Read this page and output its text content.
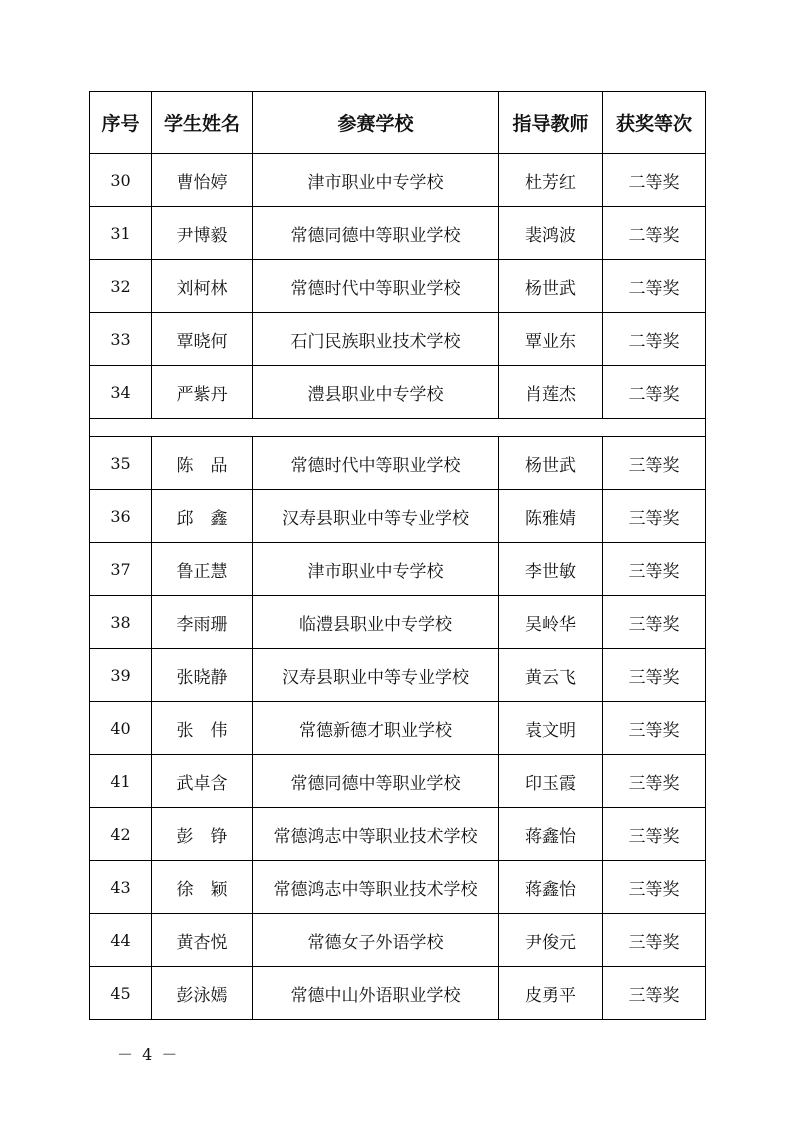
序号	学生姓名	参赛学校	指导教师	获奖等次
30	曹怡婷	津市职业中专学校	杜芳红	二等奖
31	尹博毅	常德同德中等职业学校	裴鸿波	二等奖
32	刘柯林	常德时代中等职业学校	杨世武	二等奖
33	覃晓何	石门民族职业技术学校	覃业东	二等奖
34	严紫丹	澧县职业中专学校	肖莲杰	二等奖

35	陈　品	常德时代中等职业学校	杨世武	三等奖
36	邱　鑫	汉寿县职业中等专业学校	陈雅婧	三等奖
37	鲁正慧	津市职业中专学校	李世敏	三等奖
38	李雨珊	临澧县职业中专学校	吴岭华	三等奖
39	张晓静	汉寿县职业中等专业学校	黄云飞	三等奖
40	张　伟	常德新德才职业学校	袁文明	三等奖
41	武卓含	常德同德中等职业学校	印玉霞	三等奖
42	彭　铮	常德鸿志中等职业技术学校	蒋鑫怡	三等奖
43	徐　颖	常德鸿志中等职业技术学校	蒋鑫怡	三等奖
44	黄杏悦	常德女子外语学校	尹俊元	三等奖
45	彭泳嫣	常德中山外语职业学校	皮勇平	三等奖
－ 4 －
